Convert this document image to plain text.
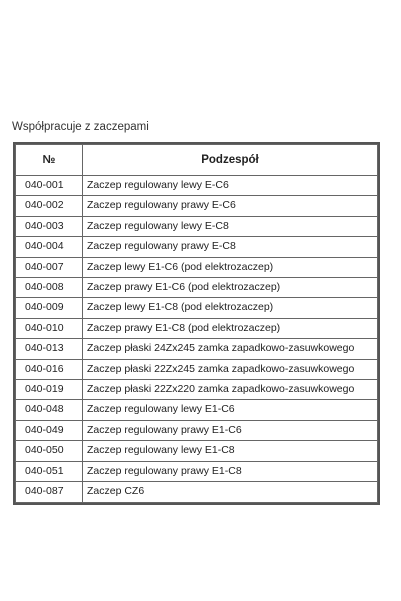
Współpracuje z zaczepami
№	Podzespół
040-001	Zaczep regulowany lewy E-C6
040-002	Zaczep regulowany prawy E-C6
040-003	Zaczep regulowany lewy E-C8
040-004	Zaczep regulowany prawy E-C8
040-007	Zaczep lewy E1-C6 (pod elektrozaczep)
040-008	Zaczep prawy E1-C6 (pod elektrozaczep)
040-009	Zaczep lewy E1-C8 (pod elektrozaczep)
040-010	Zaczep prawy E1-C8 (pod elektrozaczep)
040-013	Zaczep płaski 24Zx245 zamka zapadkowo-zasuwkowego
040-016	Zaczep płaski 22Zx245 zamka zapadkowo-zasuwkowego
040-019	Zaczep płaski 22Zx220 zamka zapadkowo-zasuwkowego
040-048	Zaczep regulowany lewy E1-C6
040-049	Zaczep regulowany prawy E1-C6
040-050	Zaczep regulowany lewy E1-C8
040-051	Zaczep regulowany prawy E1-C8
040-087	Zaczep CZ6
